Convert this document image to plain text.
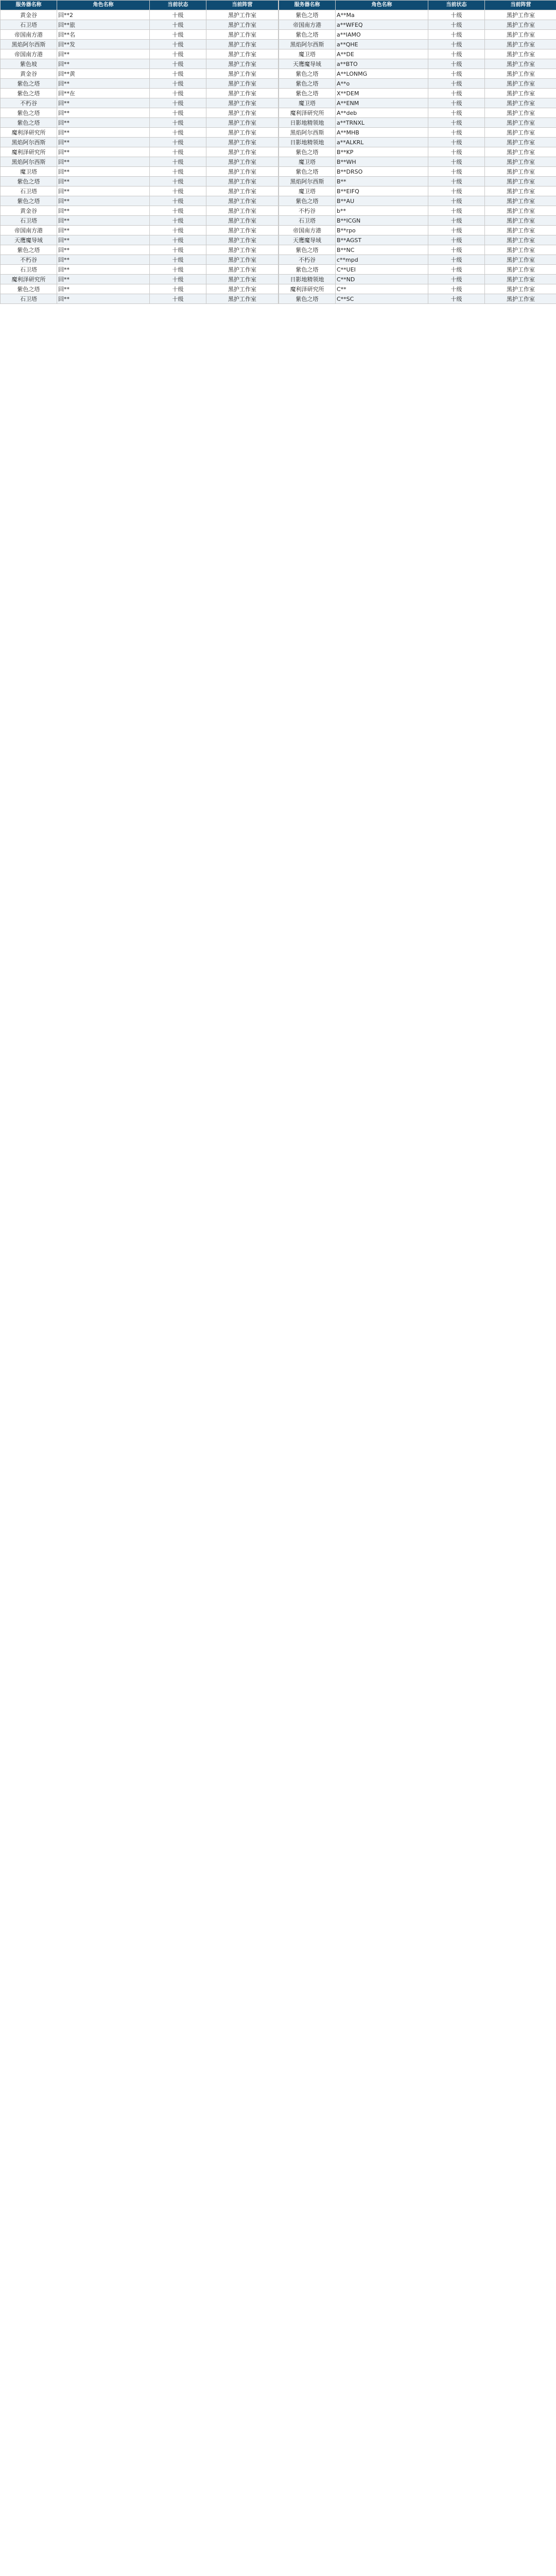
服务器名称	角色名称	当前状态	当前阵营
黄金谷	回**2	十级	黑护工作室
石卫塔	回**旅	十级	黑护工作室
帝国南方港	回**名	十级	黑护工作室
黑焰阿尔西斯	回**发	十级	黑护工作室
帝国南方港	回**	十级	黑护工作室
紫色坡	回**	十级	黑护工作室
黄金谷	回**黄	十级	黑护工作室
紫色之塔	回**	十级	黑护工作室
紫色之塔	回**在	十级	黑护工作室
不朽谷	回**	十级	黑护工作室
紫色之塔	回**	十级	黑护工作室
紫色之塔	回**	十级	黑护工作室
魔利泽研究所	回**	十级	黑护工作室
黑焰阿尔西斯	回**	十级	黑护工作室
魔利泽研究所	回**	十级	黑护工作室
黑焰阿尔西斯	回**	十级	黑护工作室
魔卫塔	回**	十级	黑护工作室
紫色之塔	回**	十级	黑护工作室
石卫塔	回**	十级	黑护工作室
紫色之塔	回**	十级	黑护工作室
黄金谷	回**	十级	黑护工作室
石卫塔	回**	十级	黑护工作室
帝国南方港	回**	十级	黑护工作室
天鹰魔导域	回**	十级	黑护工作室
紫色之塔	回**	十级	黑护工作室
不朽谷	回**	十级	黑护工作室
石卫塔	回**	十级	黑护工作室
魔利泽研究所	回**	十级	黑护工作室
紫色之塔	回**	十级	黑护工作室
石卫塔	回**	十级	黑护工作室
服务器名称	角色名称	当前状态	当前阵营
紫色之塔	A**Ma	十级	黑护工作室
帝国南方港	a**WFEQ	十级	黑护工作室
紫色之塔	a**IAMO	十级	黑护工作室
黑焰阿尔西斯	a**QHE	十级	黑护工作室
魔卫塔	A**DE	十级	黑护工作室
天鹰魔导域	a**BTO	十级	黑护工作室
紫色之塔	A**LONMG	十级	黑护工作室
紫色之塔	A**o	十级	黑护工作室
紫色之塔	X**DEM	十级	黑护工作室
魔卫塔	A**ENM	十级	黑护工作室
魔利泽研究所	A**deb	十级	黑护工作室
日影地精领地	a**TRNXL	十级	黑护工作室
黑焰阿尔西斯	A**MHB	十级	黑护工作室
日影地精领地	a**ALKRL	十级	黑护工作室
紫色之塔	B**KP	十级	黑护工作室
魔卫塔	B**WH	十级	黑护工作室
紫色之塔	B**DRSO	十级	黑护工作室
黑焰阿尔西斯	B**	十级	黑护工作室
魔卫塔	B**EIFQ	十级	黑护工作室
紫色之塔	B**AU	十级	黑护工作室
不朽谷	b**	十级	黑护工作室
石卫塔	B**ICGN	十级	黑护工作室
帝国南方港	B**rpo	十级	黑护工作室
天鹰魔导域	B**AGST	十级	黑护工作室
紫色之塔	B**NC	十级	黑护工作室
不朽谷	c**mpd	十级	黑护工作室
紫色之塔	C**UEI	十级	黑护工作室
日影地精领地	C**ND	十级	黑护工作室
魔利泽研究所	C**	十级	黑护工作室
紫色之塔	C**SC	十级	黑护工作室
